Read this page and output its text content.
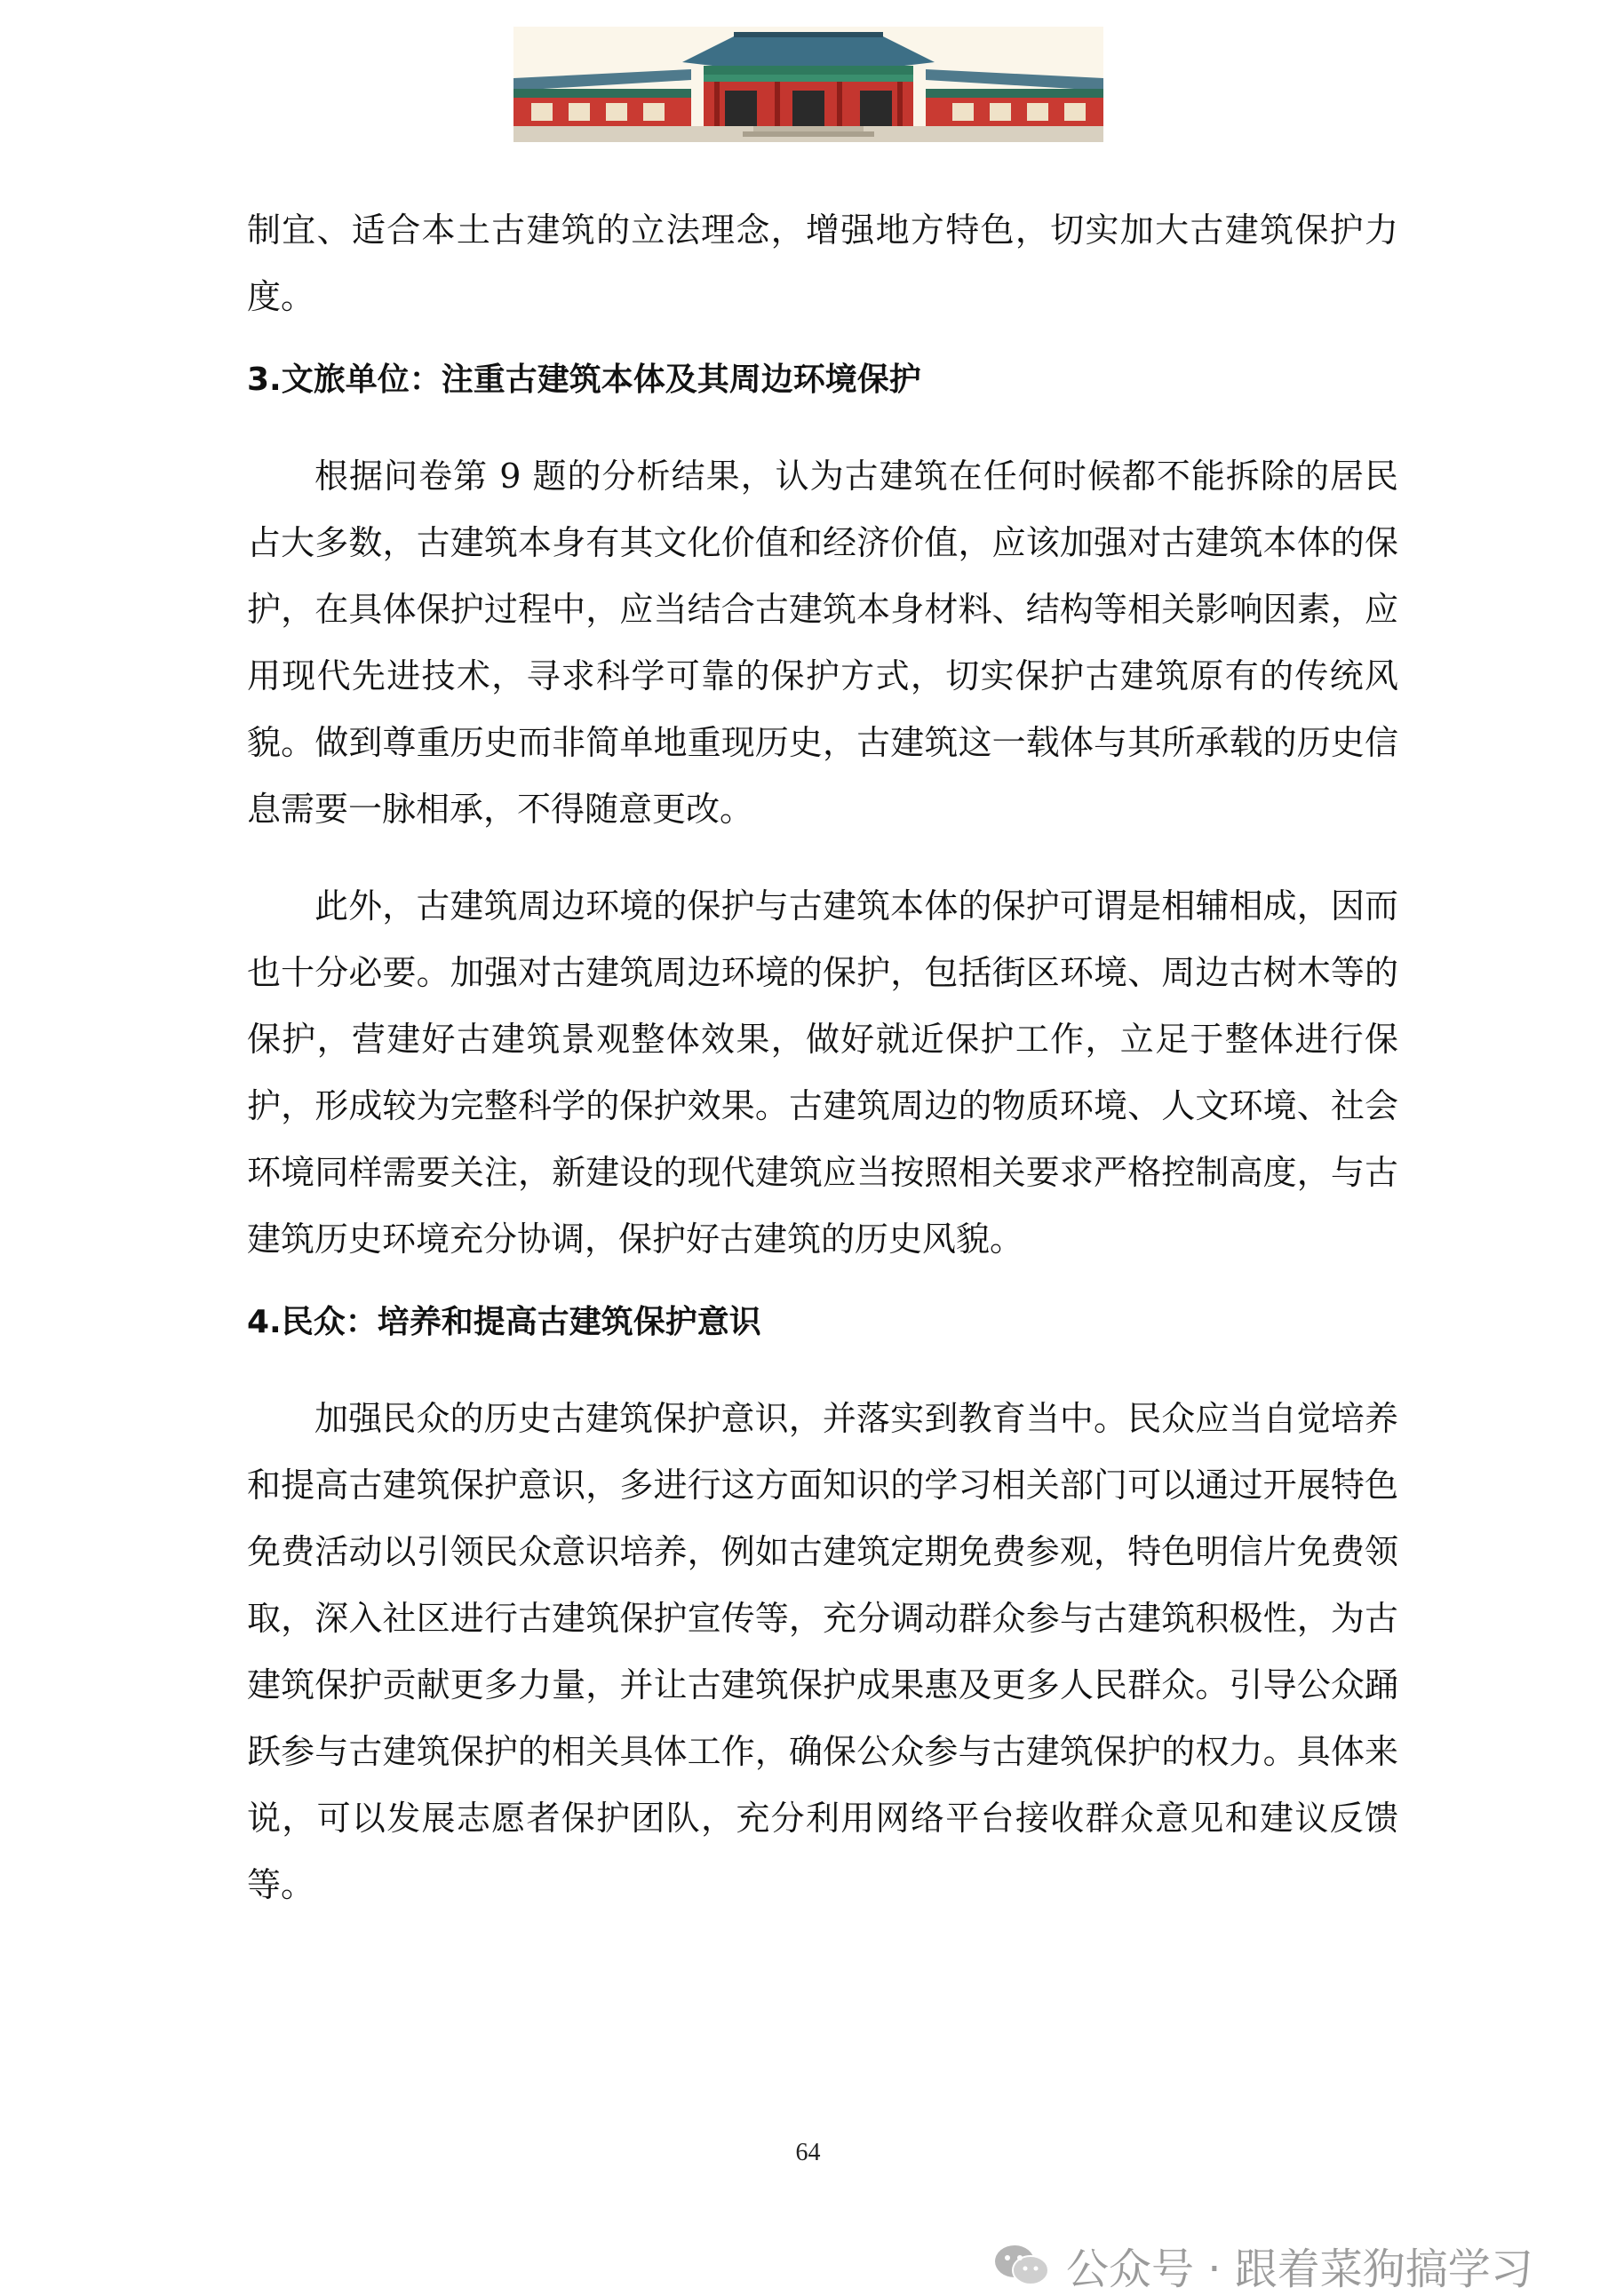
制宜、适合本土古建筑的立法理念，增强地方特色，切实加大古建筑保护力度。

3.文旅单位：注重古建筑本体及其周边环境保护

根据问卷第 9 题的分析结果，认为古建筑在任何时候都不能拆除的居民占大多数，古建筑本身有其文化价值和经济价值，应该加强对古建筑本体的保护，在具体保护过程中，应当结合古建筑本身材料、结构等相关影响因素，应用现代先进技术，寻求科学可靠的保护方式，切实保护古建筑原有的传统风貌。做到尊重历史而非简单地重现历史，古建筑这一载体与其所承载的历史信息需要一脉相承，不得随意更改。

此外，古建筑周边环境的保护与古建筑本体的保护可谓是相辅相成，因而也十分必要。加强对古建筑周边环境的保护，包括街区环境、周边古树木等的保护，营建好古建筑景观整体效果，做好就近保护工作，立足于整体进行保护，形成较为完整科学的保护效果。古建筑周边的物质环境、人文环境、社会环境同样需要关注，新建设的现代建筑应当按照相关要求严格控制高度，与古建筑历史环境充分协调，保护好古建筑的历史风貌。

4.民众：培养和提高古建筑保护意识

加强民众的历史古建筑保护意识，并落实到教育当中。民众应当自觉培养和提高古建筑保护意识，多进行这方面知识的学习相关部门可以通过开展特色免费活动以引领民众意识培养，例如古建筑定期免费参观，特色明信片免费领取，深入社区进行古建筑保护宣传等，充分调动群众参与古建筑积极性，为古建筑保护贡献更多力量，并让古建筑保护成果惠及更多人民群众。引导公众踊跃参与古建筑保护的相关具体工作，确保公众参与古建筑保护的权力。具体来说，可以发展志愿者保护团队，充分利用网络平台接收群众意见和建议反馈等。

64
公众号 · 跟着菜狗搞学习
